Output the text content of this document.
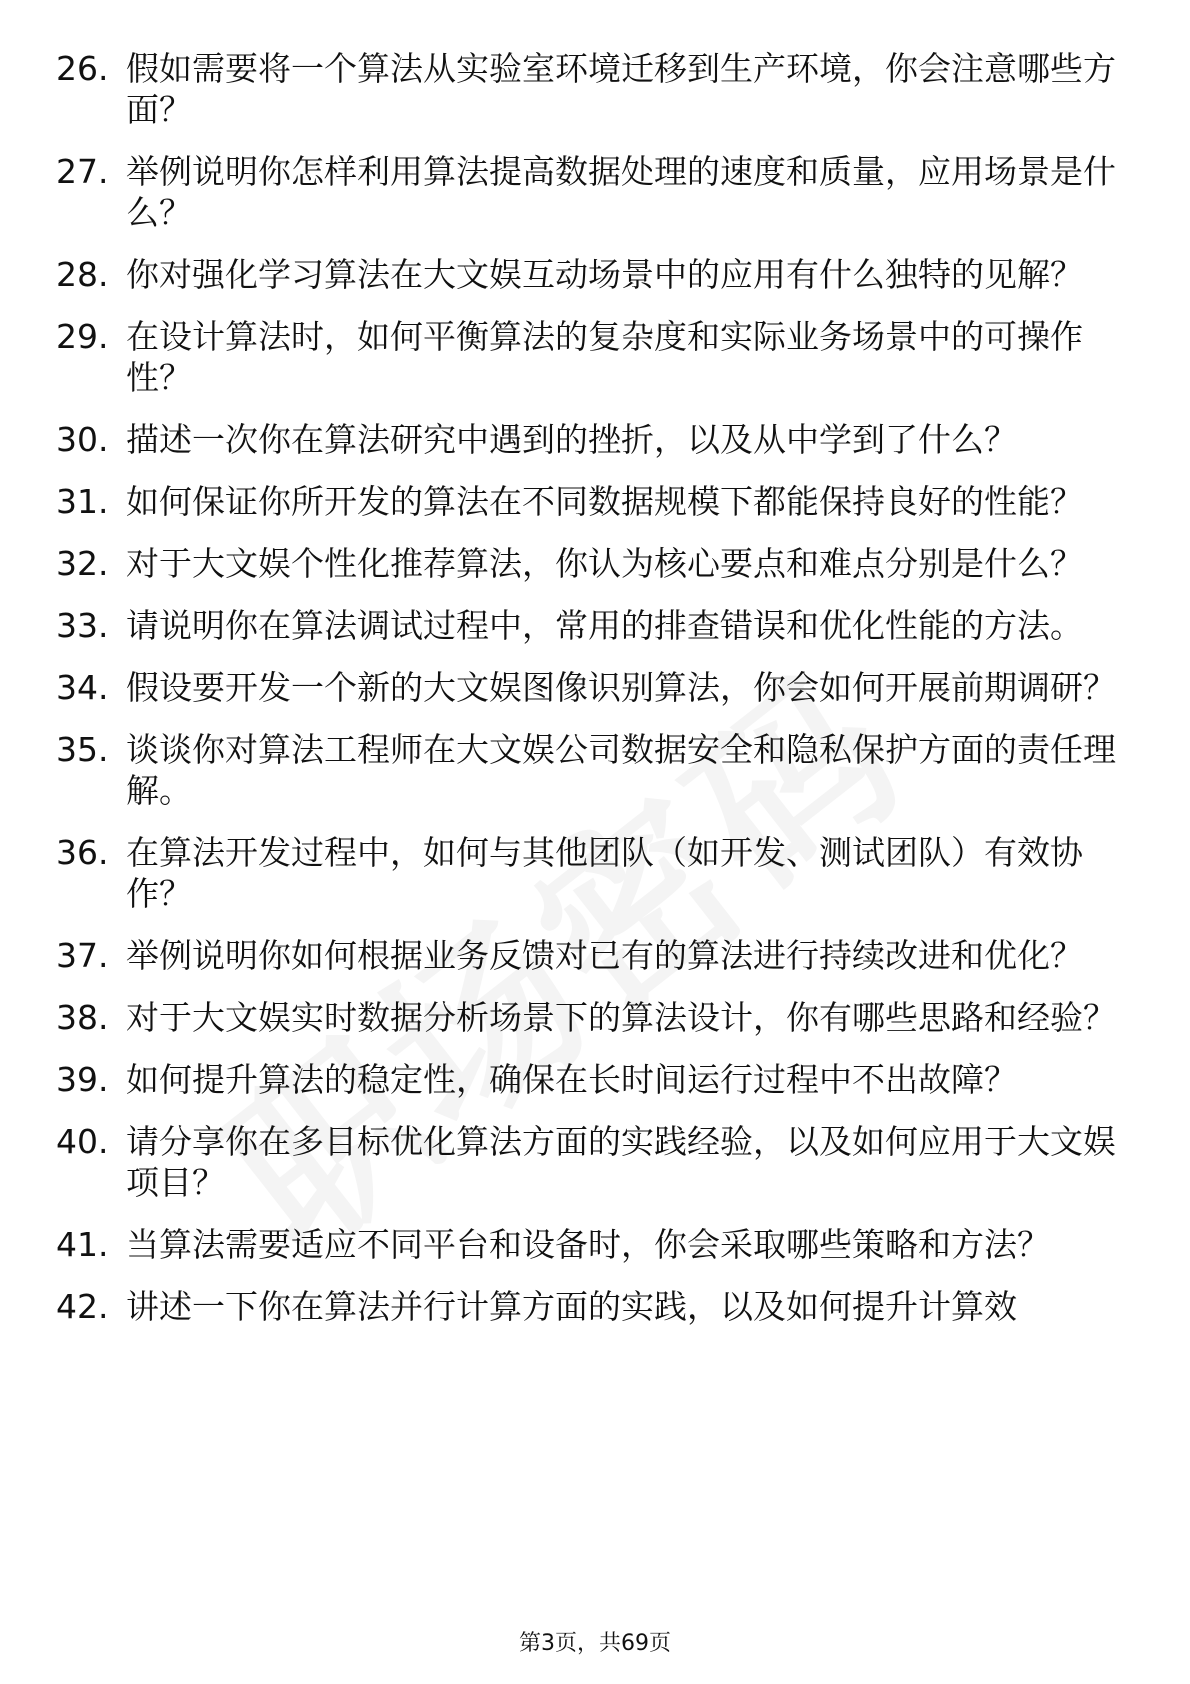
26. 假如需要将一个算法从实验室环境迁移到生产环境，你会注意哪些方面？
27. 举例说明你怎样利用算法提高数据处理的速度和质量，应用场景是什么？
28. 你对强化学习算法在大文娱互动场景中的应用有什么独特的见解？
29. 在设计算法时，如何平衡算法的复杂度和实际业务场景中的可操作性？
30. 描述一次你在算法研究中遇到的挫折，以及从中学到了什么？
31. 如何保证你所开发的算法在不同数据规模下都能保持良好的性能？
32. 对于大文娱个性化推荐算法，你认为核心要点和难点分别是什么？
33. 请说明你在算法调试过程中，常用的排查错误和优化性能的方法。
34. 假设要开发一个新的大文娱图像识别算法，你会如何开展前期调研？
35. 谈谈你对算法工程师在大文娱公司数据安全和隐私保护方面的责任理解。
36. 在算法开发过程中，如何与其他团队（如开发、测试团队）有效协作？
37. 举例说明你如何根据业务反馈对已有的算法进行持续改进和优化？
38. 对于大文娱实时数据分析场景下的算法设计，你有哪些思路和经验？
39. 如何提升算法的稳定性，确保在长时间运行过程中不出故障？
40. 请分享你在多目标优化算法方面的实践经验，以及如何应用于大文娱项目？
41. 当算法需要适应不同平台和设备时，你会采取哪些策略和方法？
42. 讲述一下你在算法并行计算方面的实践，以及如何提升计算效
第3页，共69页
